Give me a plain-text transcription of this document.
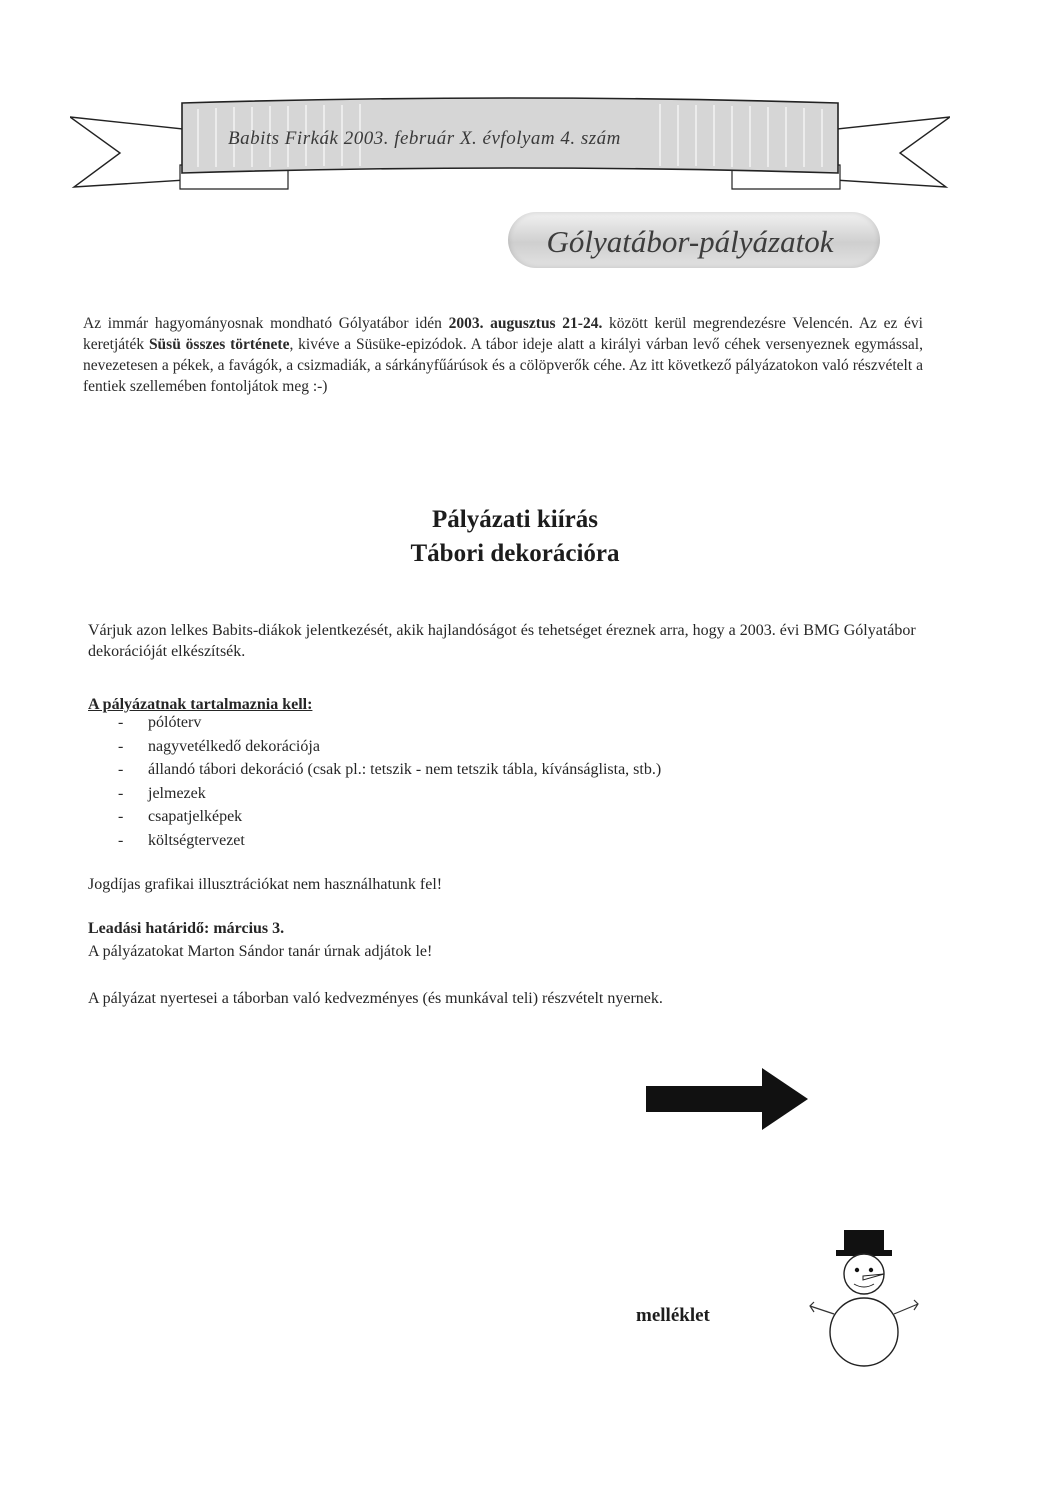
Babits Firkák 2003. február X. évfolyam 4. szám
Gólyatábor-pályázatok
Az immár hagyományosnak mondható Gólyatábor idén 2003. augusztus 21-24. között kerül megrendezésre Velencén. Az ez évi keretjáték Süsü összes története, kivéve a Süsüke-epizódok. A tábor ideje alatt a királyi várban levő céhek versenyeznek egymással, nevezetesen a pékek, a favágók, a csizmadiák, a sárkányfűárúsok és a cölöpverők céhe. Az itt következő pályázatokon való részvételt a fentiek szellemében fontoljátok meg :-)
Pályázati kiírás
Tábori dekorációra
Várjuk azon lelkes Babits-diákok jelentkezését, akik hajlandóságot és tehetséget éreznek arra, hogy a 2003. évi BMG Gólyatábor dekorációját elkészítsék.
A pályázatnak tartalmaznia kell:
- pólóterv
- nagyvetélkedő dekorációja
- állandó tábori dekoráció (csak pl.: tetszik - nem tetszik tábla, kívánságlista, stb.)
- jelmezek
- csapatjelképek
- költségtervezet
Jogdíjas grafikai illusztrációkat nem használhatunk fel!
Leadási határidő: március 3.
A pályázatokat Marton Sándor tanár úrnak adjátok le!
A pályázat nyertesei a táborban való kedvezményes (és munkával teli) részvételt nyernek.
melléklet
